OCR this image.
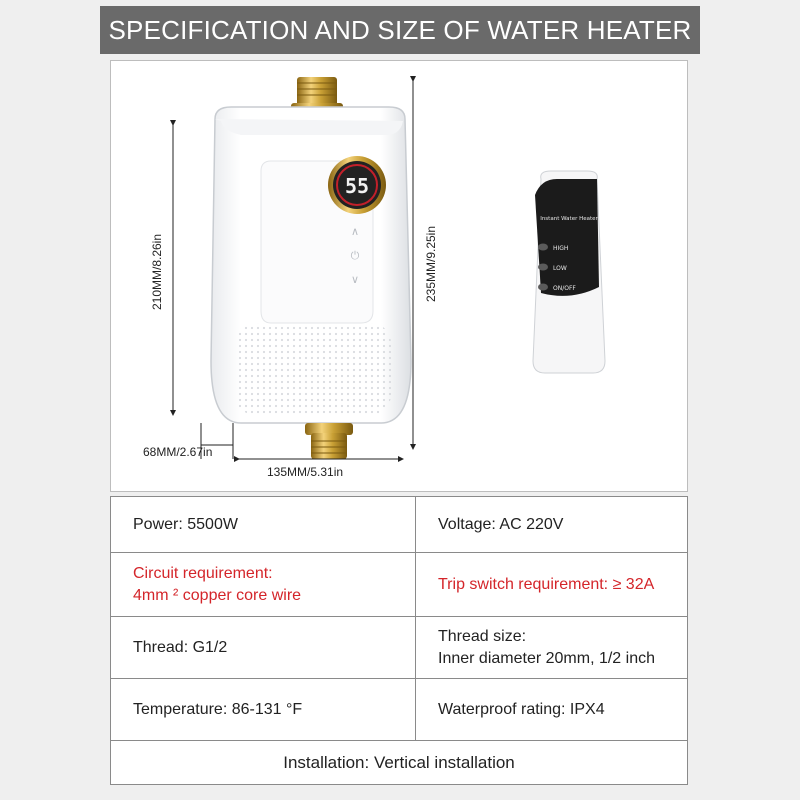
SPECIFICATION AND SIZE OF WATER HEATER
55
∧
⏻
∨
Instant Water Heater
HIGH
LOW
ON/OFF
210MM/8.26in	235MM/9.25in
68MM/2.67in
135MM/5.31in
Power: 5500W	Voltage: AC 220V

Circuit requirement:
4mm ² copper core wire	Trip switch requirement: ≥ 32A
Thread: G1/2	Thread size:
Inner diameter 20mm, 1/2 inch

Temperature: 86-131 °F	Waterproof rating: IPX4
Installation: Vertical installation	
